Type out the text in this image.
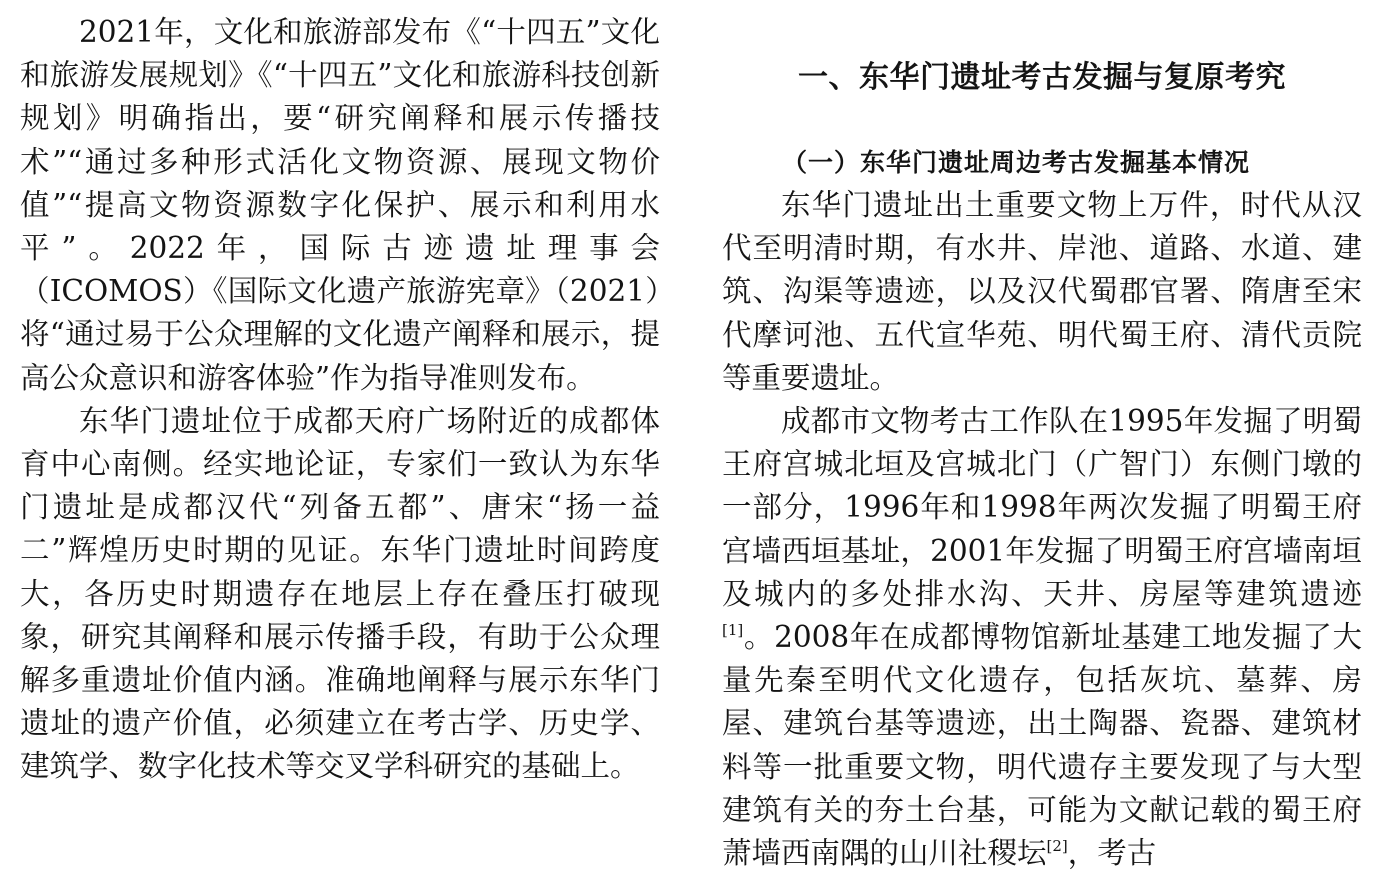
2021年，文化和旅游部发布《“十四五”文化和旅游发展规划》《“十四五”文化和旅游科技创新规划》明确指出，要“研究阐释和展示传播技术”“通过多种形式活化文物资源、展现文物价值”“提高文物资源数字化保护、展示和利用水平”。2022年，国际古迹遗址理事会（ICOMOS）《国际文化遗产旅游宪章》（2021）将“通过易于公众理解的文化遗产阐释和展示，提高公众意识和游客体验”作为指导准则发布。

东华门遗址位于成都天府广场附近的成都体育中心南侧。经实地论证，专家们一致认为东华门遗址是成都汉代“列备五都”、唐宋“扬一益二”辉煌历史时期的见证。东华门遗址时间跨度大，各历史时期遗存在地层上存在叠压打破现象，研究其阐释和展示传播手段，有助于公众理解多重遗址价值内涵。准确地阐释与展示东华门遗址的遗产价值，必须建立在考古学、历史学、建筑学、数字化技术等交叉学科研究的基础上。

一、东华门遗址考古发掘与复原考究
（一）东华门遗址周边考古发掘基本情况

东华门遗址出土重要文物上万件，时代从汉代至明清时期，有水井、岸池、道路、水道、建筑、沟渠等遗迹，以及汉代蜀郡官署、隋唐至宋代摩诃池、五代宣华苑、明代蜀王府、清代贡院等重要遗址。

成都市文物考古工作队在1995年发掘了明蜀王府宫城北垣及宫城北门（广智门）东侧门墩的一部分，1996年和1998年两次发掘了明蜀王府宫墙西垣基址，2001年发掘了明蜀王府宫墙南垣及城内的多处排水沟、天井、房屋等建筑遗迹[1]。2008年在成都博物馆新址基建工地发掘了大量先秦至明代文化遗存，包括灰坑、墓葬、房屋、建筑台基等遗迹，出土陶器、瓷器、建筑材料等一批重要文物，明代遗存主要发现了与大型建筑有关的夯土台基，可能为文献记载的蜀王府萧墙西南隅的山川社稷坛[2]，考古
